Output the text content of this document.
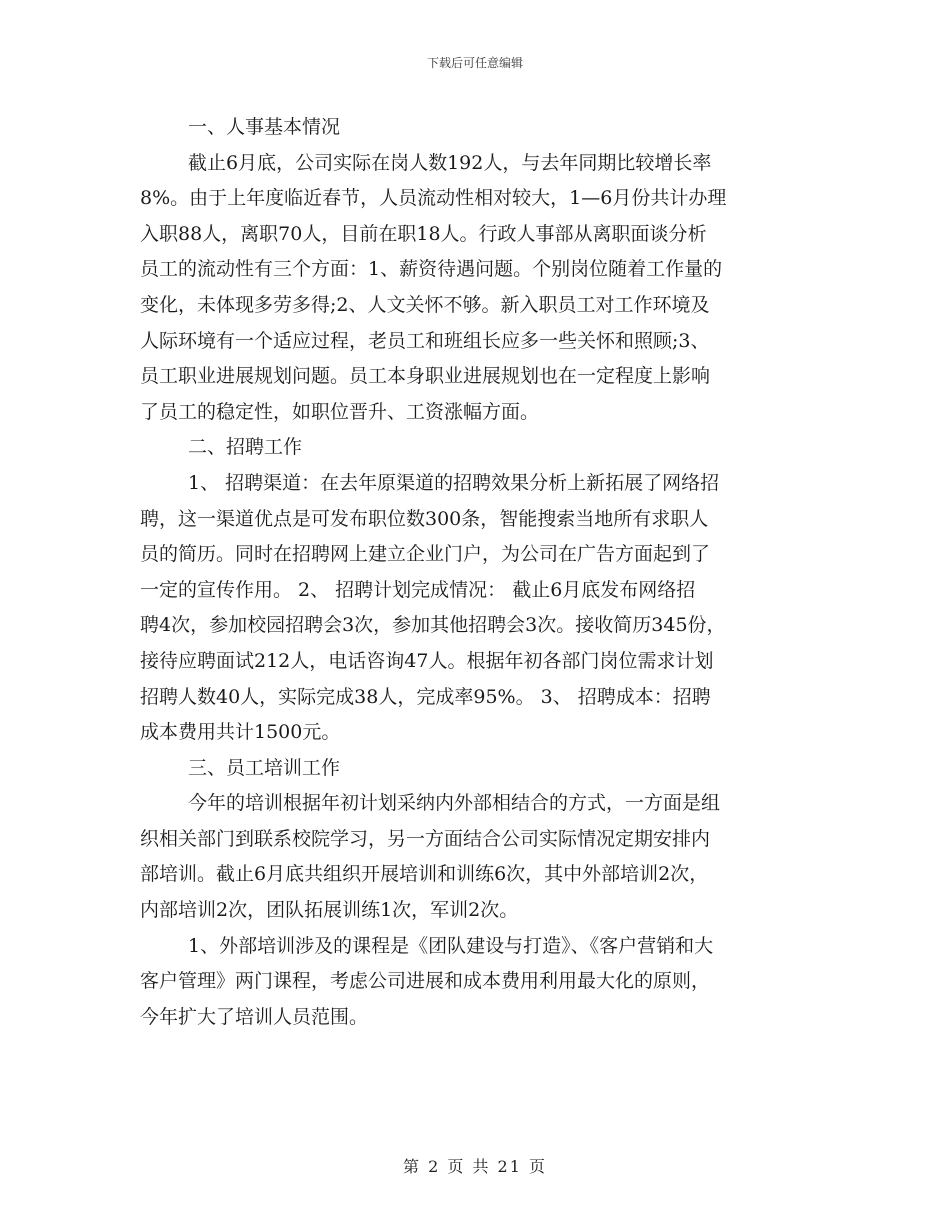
下载后可任意编辑
一、人事基本情况
截止6月底，公司实际在岗人数192人，与去年同期比较增长率
8%。由于上年度临近春节，人员流动性相对较大，1—6月份共计办理
入职88人，离职70人，目前在职18人。行政人事部从离职面谈分析
员工的流动性有三个方面：1、薪资待遇问题。个别岗位随着工作量的
变化，未体现多劳多得;2、人文关怀不够。新入职员工对工作环境及
人际环境有一个适应过程，老员工和班组长应多一些关怀和照顾;3、
员工职业进展规划问题。员工本身职业进展规划也在一定程度上影响
了员工的稳定性，如职位晋升、工资涨幅方面。
二、招聘工作
1、 招聘渠道：在去年原渠道的招聘效果分析上新拓展了网络招
聘，这一渠道优点是可发布职位数300条，智能搜索当地所有求职人
员的简历。同时在招聘网上建立企业门户，为公司在广告方面起到了
一定的宣传作用。 2、 招聘计划完成情况： 截止6月底发布网络招
聘4次，参加校园招聘会3次，参加其他招聘会3次。接收简历345份，
接待应聘面试212人，电话咨询47人。根据年初各部门岗位需求计划
招聘人数40人，实际完成38人，完成率95%。 3、 招聘成本：招聘
成本费用共计1500元。
三、员工培训工作
今年的培训根据年初计划采纳内外部相结合的方式，一方面是组
织相关部门到联系校院学习，另一方面结合公司实际情况定期安排内
部培训。截止6月底共组织开展培训和训练6次，其中外部培训2次，
内部培训2次，团队拓展训练1次，军训2次。
1、外部培训涉及的课程是《团队建设与打造》、《客户营销和大
客户管理》两门课程，考虑公司进展和成本费用利用最大化的原则，
今年扩大了培训人员范围。
第 2 页 共 21 页
